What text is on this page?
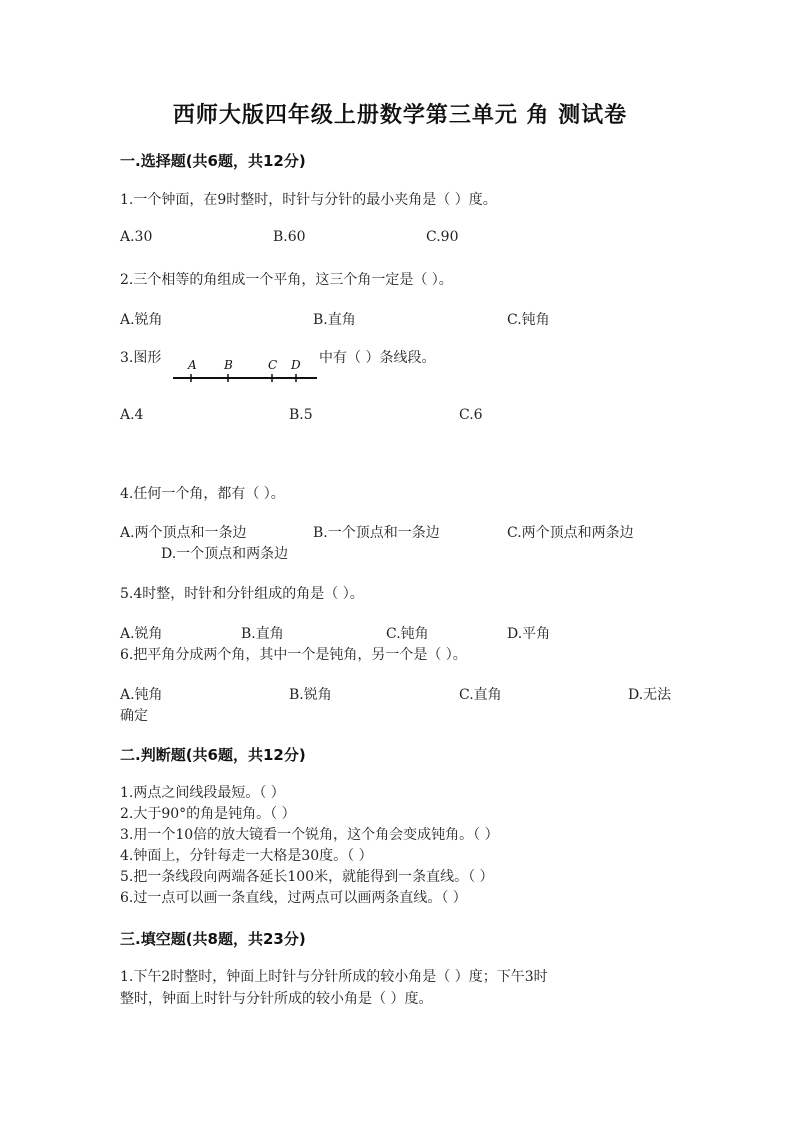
西师大版四年级上册数学第三单元 角 测试卷
一.选择题(共6题，共12分)
1.一个钟面，在9时整时，时针与分针的最小夹角是（ ）度。
A.30	B.60	C.90
2.三个相等的角组成一个平角，这三个角一定是（ ）。
A.锐角	B.直角	C.钝角
3.图形 A B	C D 中有（ ）条线段。
A.4	B.5	C.6
4.任何一个角，都有（ ）。
A.两个顶点和一条边	B.一个顶点和一条边	C.两个顶点和两条边
D.一个顶点和两条边
5.4时整，时针和分针组成的角是（ ）。
A.锐角	B.直角	C.钝角	D.平角
6.把平角分成两个角，其中一个是钝角，另一个是（ ）。
A.钝角	B.锐角	C.直角	D.无法
确定
二.判断题(共6题，共12分)
1.两点之间线段最短。（ ）
2.大于90°的角是钝角。（ ）
3.用一个10倍的放大镜看一个锐角，这个角会变成钝角。（ ）
4.钟面上，分针每走一大格是30度。（ ）
5.把一条线段向两端各延长100米，就能得到一条直线。（ ）
6.过一点可以画一条直线，过两点可以画两条直线。（ ）
三.填空题(共8题，共23分)
1.下午2时整时，钟面上时针与分针所成的较小角是（ ）度；下午3时
整时，钟面上时针与分针所成的较小角是（ ）度。
